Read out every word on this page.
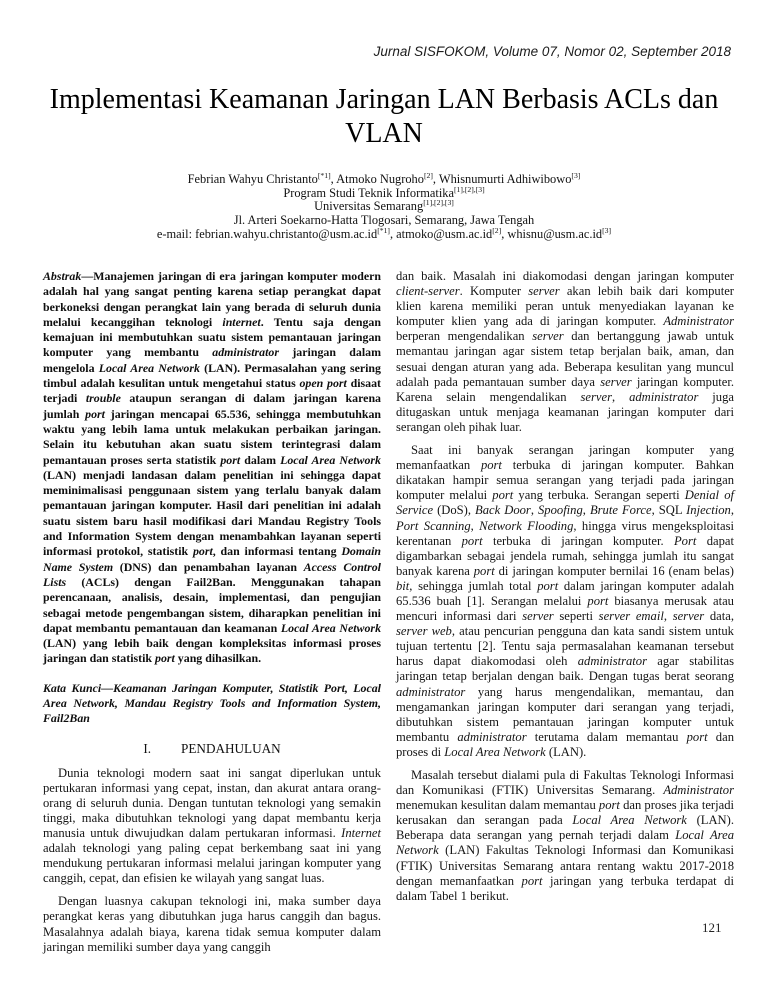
Jurnal SISFOKOM, Volume 07, Nomor 02, September 2018
Implementasi Keamanan Jaringan LAN Berbasis ACLs dan VLAN
Febrian Wahyu Christanto[*1], Atmoko Nugroho[2], Whisnumurti Adhiwibowo[3]
Program Studi Teknik Informatika[1],[2],[3]
Universitas Semarang[1],[2],[3]
Jl. Arteri Soekarno-Hatta Tlogosari, Semarang, Jawa Tengah
e-mail: febrian.wahyu.christanto@usm.ac.id[*1], atmoko@usm.ac.id[2], whisnu@usm.ac.id[3]

Abstrak—Manajemen jaringan di era jaringan komputer modern adalah hal yang sangat penting karena setiap perangkat dapat berkoneksi dengan perangkat lain yang berada di seluruh dunia melalui kecanggihan teknologi internet. Tentu saja dengan kemajuan ini membutuhkan suatu sistem pemantauan jaringan komputer yang membantu administrator jaringan dalam mengelola Local Area Network (LAN). Permasalahan yang sering timbul adalah kesulitan untuk mengetahui status open port disaat terjadi trouble ataupun serangan di dalam jaringan karena jumlah port jaringan mencapai 65.536, sehingga membutuhkan waktu yang lebih lama untuk melakukan perbaikan jaringan. Selain itu kebutuhan akan suatu sistem terintegrasi dalam pemantauan proses serta statistik port dalam Local Area Network (LAN) menjadi landasan dalam penelitian ini sehingga dapat meminimalisasi penggunaan sistem yang terlalu banyak dalam pemantauan jaringan komputer. Hasil dari penelitian ini adalah suatu sistem baru hasil modifikasi dari Mandau Registry Tools and Information System dengan menambahkan layanan seperti informasi protokol, statistik port, dan informasi tentang Domain Name System (DNS) dan penambahan layanan Access Control Lists (ACLs) dengan Fail2Ban. Menggunakan tahapan perencanaan, analisis, desain, implementasi, dan pengujian sebagai metode pengembangan sistem, diharapkan penelitian ini dapat membantu pemantauan dan keamanan Local Area Network (LAN) yang lebih baik dengan kompleksitas informasi proses jaringan dan statistik port yang dihasilkan.

Kata Kunci—Keamanan Jaringan Komputer, Statistik Port, Local Area Network, Mandau Registry Tools and Information System, Fail2Ban

I. PENDAHULUAN

Dunia teknologi modern saat ini sangat diperlukan untuk pertukaran informasi yang cepat, instan, dan akurat antara orang-orang di seluruh dunia. Dengan tuntutan teknologi yang semakin tinggi, maka dibutuhkan teknologi yang dapat membantu kerja manusia untuk diwujudkan dalam pertukaran informasi. Internet adalah teknologi yang paling cepat berkembang saat ini yang mendukung pertukaran informasi melalui jaringan komputer yang canggih, cepat, dan efisien ke wilayah yang sangat luas.

Dengan luasnya cakupan teknologi ini, maka sumber daya perangkat keras yang dibutuhkan juga harus canggih dan bagus. Masalahnya adalah biaya, karena tidak semua komputer dalam jaringan memiliki sumber daya yang canggih

dan baik. Masalah ini diakomodasi dengan jaringan komputer client-server. Komputer server akan lebih baik dari komputer klien karena memiliki peran untuk menyediakan layanan ke komputer klien yang ada di jaringan komputer. Administrator berperan mengendalikan server dan bertanggung jawab untuk memantau jaringan agar sistem tetap berjalan baik, aman, dan sesuai dengan aturan yang ada. Beberapa kesulitan yang muncul adalah pada pemantauan sumber daya server jaringan komputer. Karena selain mengendalikan server, administrator juga ditugaskan untuk menjaga keamanan jaringan komputer dari serangan oleh pihak luar.

Saat ini banyak serangan jaringan komputer yang memanfaatkan port terbuka di jaringan komputer. Bahkan dikatakan hampir semua serangan yang terjadi pada jaringan komputer melalui port yang terbuka. Serangan seperti Denial of Service (DoS), Back Door, Spoofing, Brute Force, SQL Injection, Port Scanning, Network Flooding, hingga virus mengeksploitasi kerentanan port terbuka di jaringan komputer. Port dapat digambarkan sebagai jendela rumah, sehingga jumlah itu sangat banyak karena port di jaringan komputer bernilai 16 (enam belas) bit, sehingga jumlah total port dalam jaringan komputer adalah 65.536 buah [1]. Serangan melalui port biasanya merusak atau mencuri informasi dari server seperti server email, server data, server web, atau pencurian pengguna dan kata sandi sistem untuk tujuan tertentu [2]. Tentu saja permasalahan keamanan tersebut harus dapat diakomodasi oleh administrator agar stabilitas jaringan tetap berjalan dengan baik. Dengan tugas berat seorang administrator yang harus mengendalikan, memantau, dan mengamankan jaringan komputer dari serangan yang terjadi, dibutuhkan sistem pemantauan jaringan komputer untuk membantu administrator terutama dalam memantau port dan proses di Local Area Network (LAN).

Masalah tersebut dialami pula di Fakultas Teknologi Informasi dan Komunikasi (FTIK) Universitas Semarang. Administrator menemukan kesulitan dalam memantau port dan proses jika terjadi kerusakan dan serangan pada Local Area Network (LAN). Beberapa data serangan yang pernah terjadi dalam Local Area Network (LAN) Fakultas Teknologi Informasi dan Komunikasi (FTIK) Universitas Semarang antara rentang waktu 2017-2018 dengan memanfaatkan port jaringan yang terbuka terdapat di dalam Tabel 1 berikut.

121
